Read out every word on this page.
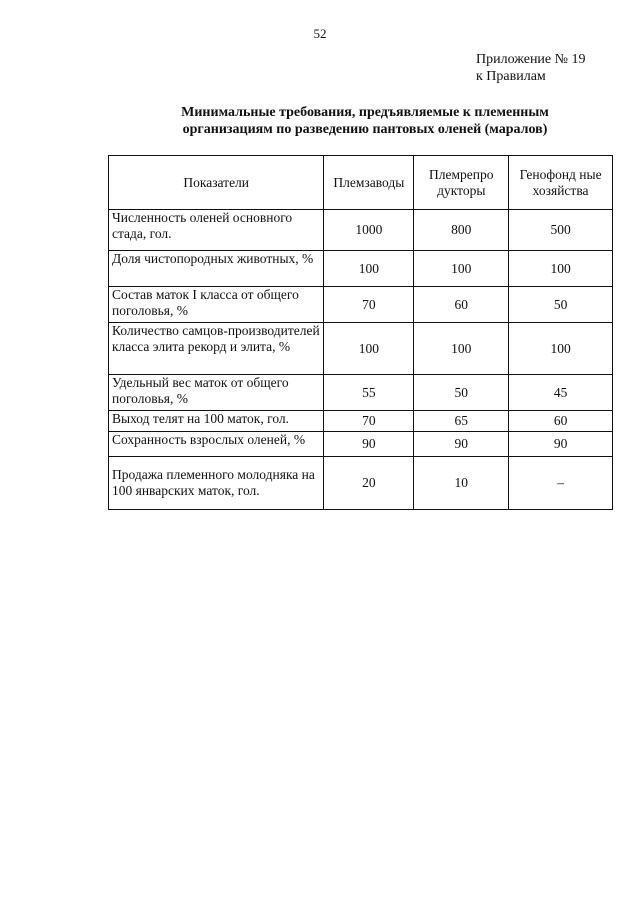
52
Приложение № 19
к Правилам
Минимальные требования, предъявляемые к племенным
организациям по разведению пантовых оленей (маралов)
Показатели	Племзаводы	Племрепро дукторы	Генофонд ные хозяйства
Численность оленей основного стада, гол.	1000	800	500
Доля чистопородных животных, %	100	100	100
Состав маток I класса от общего поголовья, %	70	60	50
Количество самцов-производителей класса элита рекорд и элита, %	100	100	100
Удельный вес маток от общего поголовья, %	55	50	45
Выход телят на 100 маток, гол.	70	65	60
Сохранность взрослых оленей, %	90	90	90
Продажа племенного молодняка на 100 январских маток, гол.	20	10	–
